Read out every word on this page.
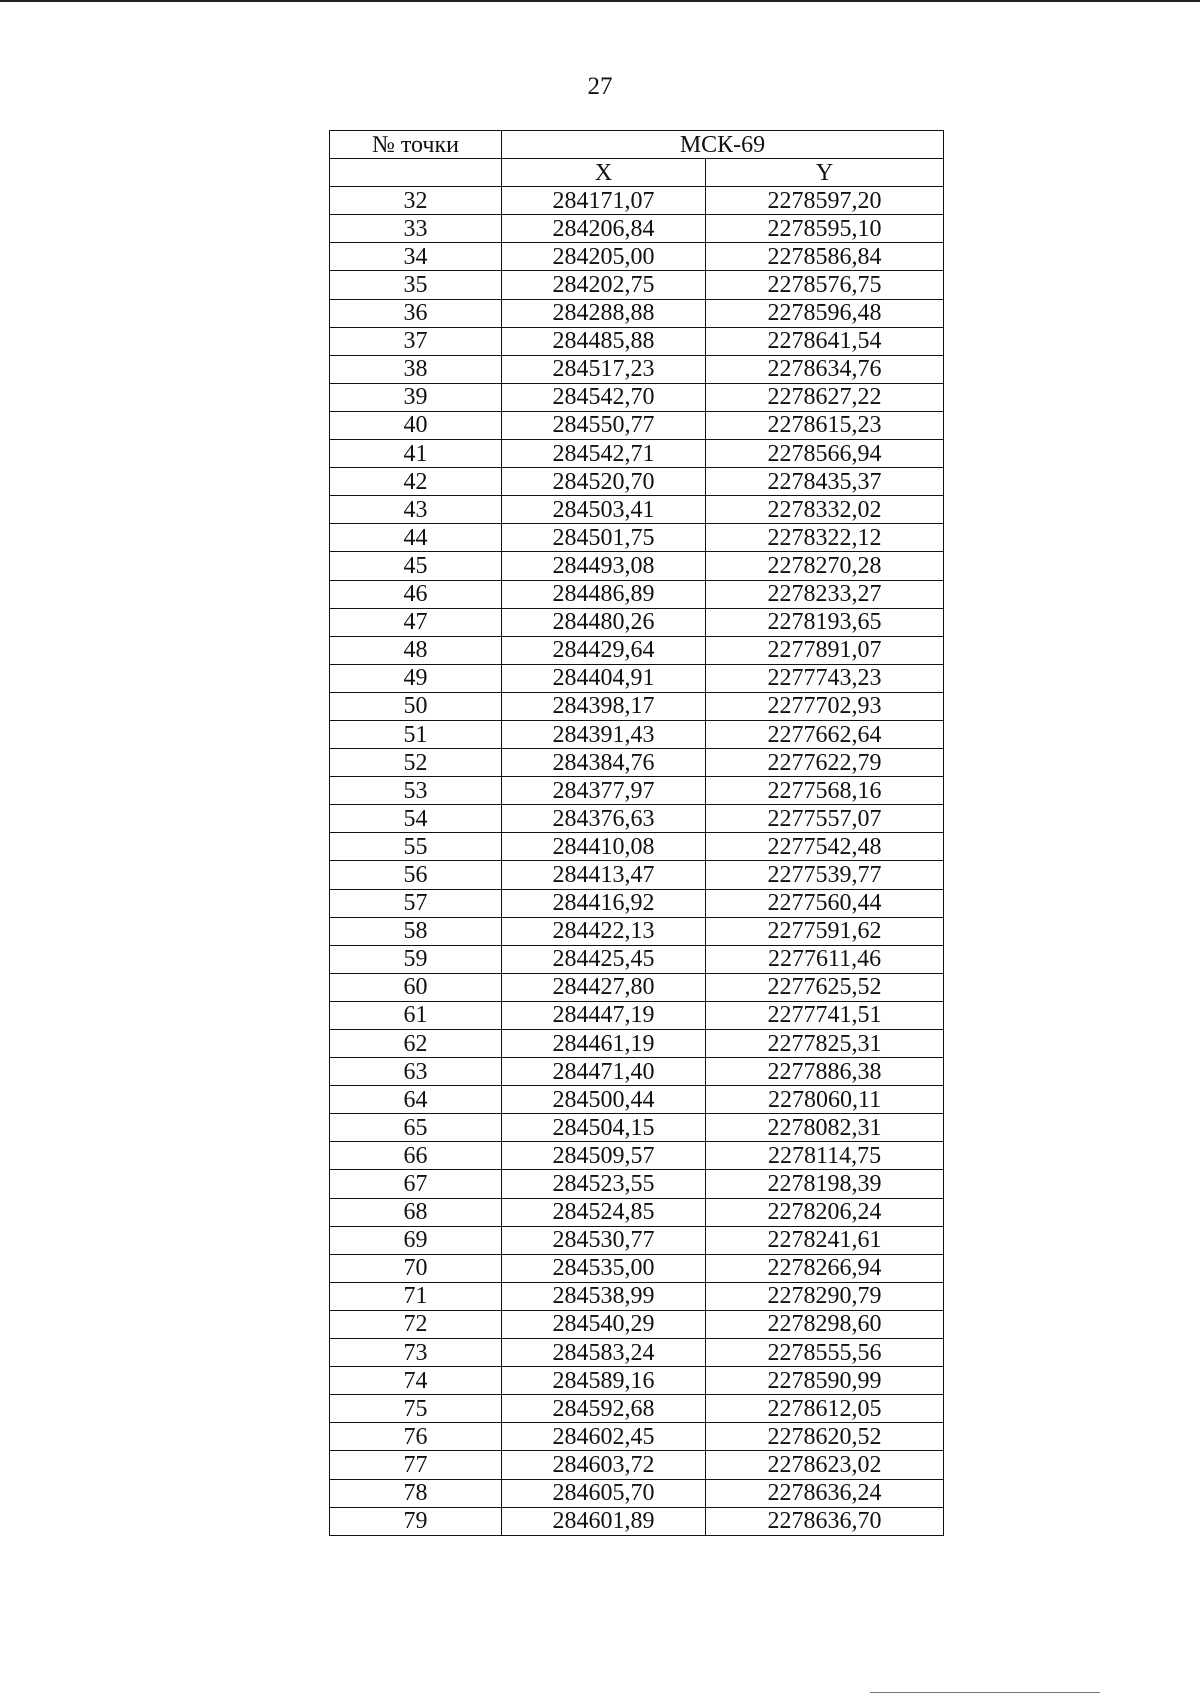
27
№ точки	МСК-69	
	X	Y
32	284171,07	2278597,20
33	284206,84	2278595,10
34	284205,00	2278586,84
35	284202,75	2278576,75
36	284288,88	2278596,48
37	284485,88	2278641,54
38	284517,23	2278634,76
39	284542,70	2278627,22
40	284550,77	2278615,23
41	284542,71	2278566,94
42	284520,70	2278435,37
43	284503,41	2278332,02
44	284501,75	2278322,12
45	284493,08	2278270,28
46	284486,89	2278233,27
47	284480,26	2278193,65
48	284429,64	2277891,07
49	284404,91	2277743,23
50	284398,17	2277702,93
51	284391,43	2277662,64
52	284384,76	2277622,79
53	284377,97	2277568,16
54	284376,63	2277557,07
55	284410,08	2277542,48
56	284413,47	2277539,77
57	284416,92	2277560,44
58	284422,13	2277591,62
59	284425,45	2277611,46
60	284427,80	2277625,52
61	284447,19	2277741,51
62	284461,19	2277825,31
63	284471,40	2277886,38
64	284500,44	2278060,11
65	284504,15	2278082,31
66	284509,57	2278114,75
67	284523,55	2278198,39
68	284524,85	2278206,24
69	284530,77	2278241,61
70	284535,00	2278266,94
71	284538,99	2278290,79
72	284540,29	2278298,60
73	284583,24	2278555,56
74	284589,16	2278590,99
75	284592,68	2278612,05
76	284602,45	2278620,52
77	284603,72	2278623,02
78	284605,70	2278636,24
79	284601,89	2278636,70
